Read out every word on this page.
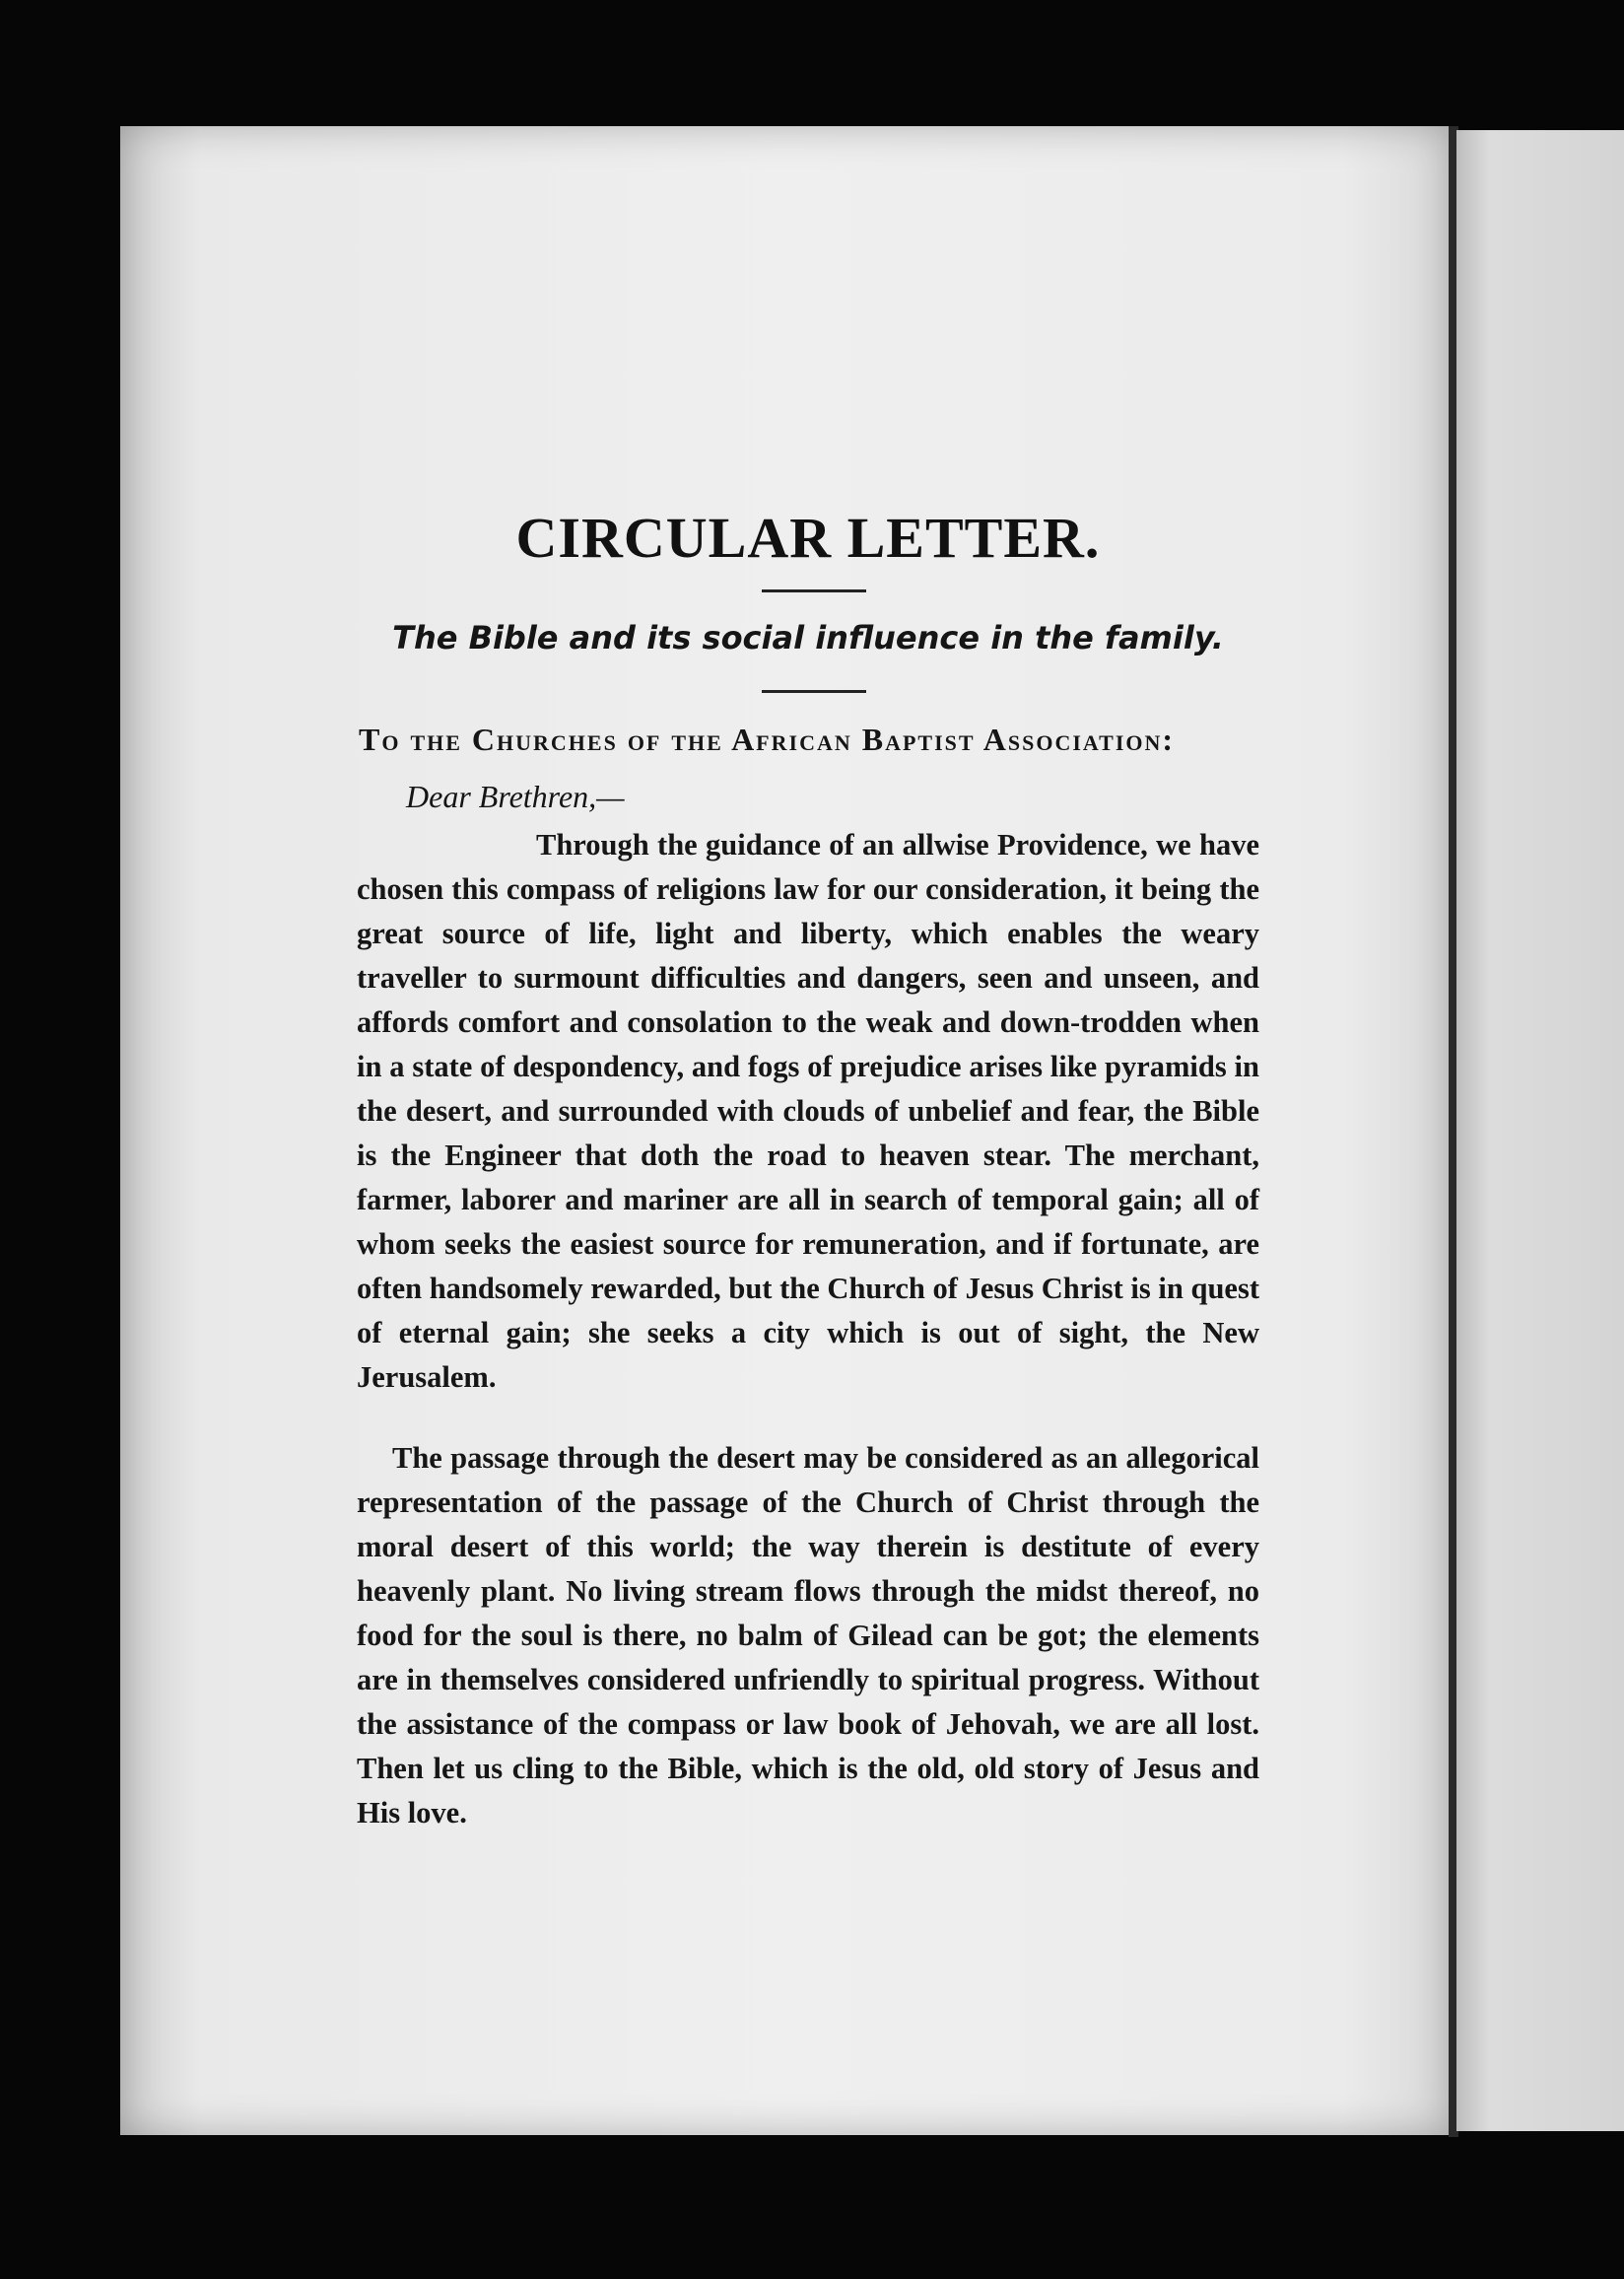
CIRCULAR LETTER.
The Bible and its social influence in the family.

To the Churches of the African Baptist Association:

Dear Brethren,—

Through the guidance of an allwise Providence, we have chosen this compass of religions law for our consideration, it being the great source of life, light and liberty, which enables the weary traveller to surmount difficulties and dangers, seen and unseen, and affords comfort and consolation to the weak and down-trodden when in a state of despondency, and fogs of prejudice arises like pyramids in the desert, and surrounded with clouds of unbelief and fear, the Bible is the Engineer that doth the road to heaven stear. The merchant, farmer, laborer and mariner are all in search of temporal gain; all of whom seeks the easiest source for remuneration, and if fortunate, are often handsomely rewarded, but the Church of Jesus Christ is in quest of eternal gain; she seeks a city which is out of sight, the New Jerusalem.

The passage through the desert may be considered as an allegorical representation of the passage of the Church of Christ through the moral desert of this world; the way therein is destitute of every heavenly plant. No living stream flows through the midst thereof, no food for the soul is there, no balm of Gilead can be got; the elements are in themselves considered unfriendly to spiritual progress. Without the assistance of the compass or law book of Jehovah, we are all lost. Then let us cling to the Bible, which is the old, old story of Jesus and His love.
